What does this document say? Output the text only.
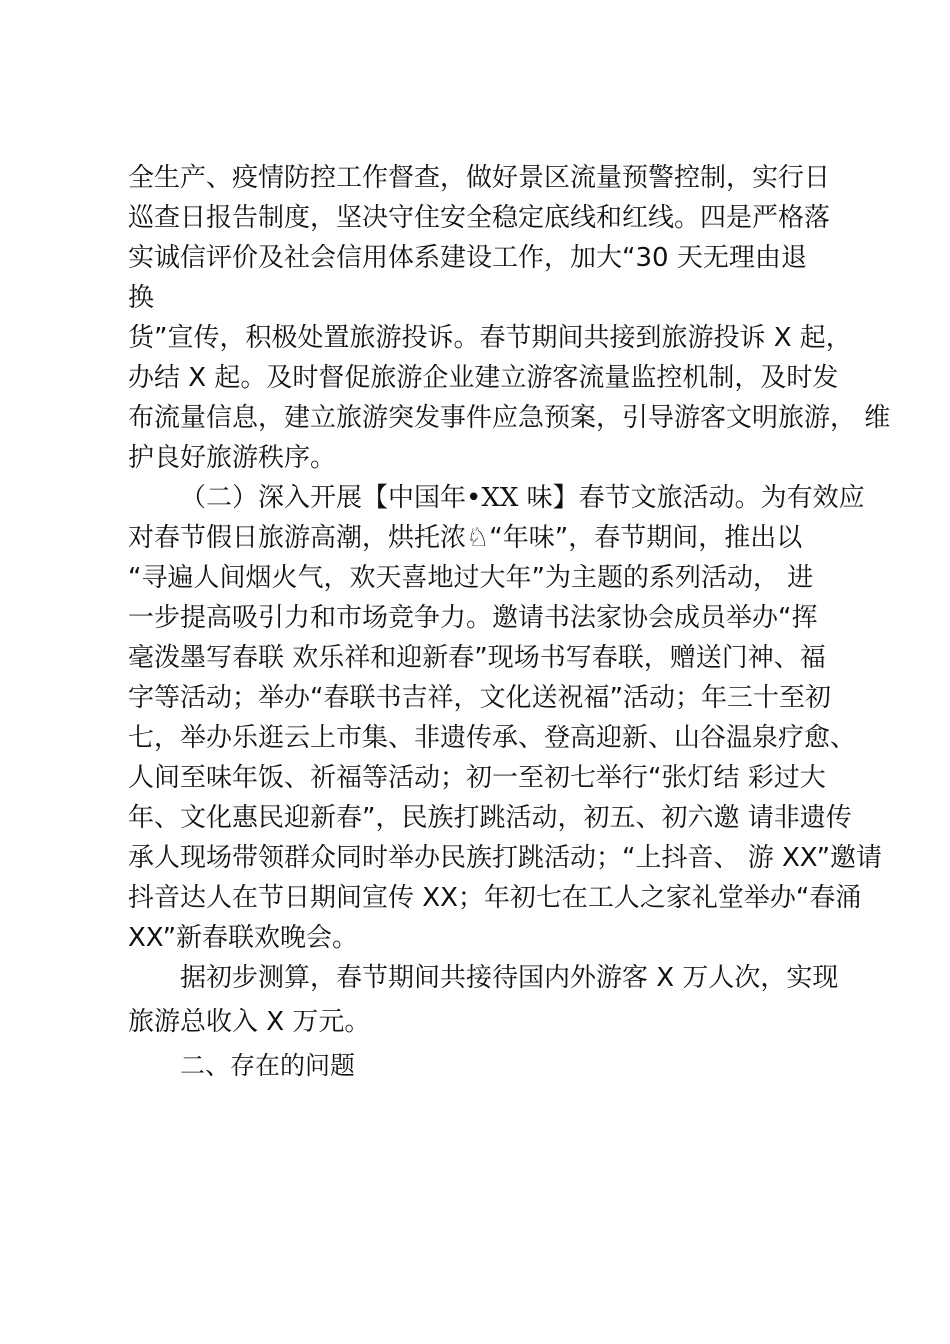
全生产、疫情防控工作督查，做好景区流量预警控制，实行日

巡查日报告制度，坚决守住安全稳定底线和红线。四是严格落

实诚信评价及社会信用体系建设工作，加大“30 天无理由退

换

货”宣传，积极处置旅游投诉。春节期间共接到旅游投诉 X 起，

办结 X 起。及时督促旅游企业建立游客流量监控机制，及时发

布流量信息，建立旅游突发事件应急预案，引导游客文明旅游， 维

护良好旅游秩序。

（二）深入开展【中国年•XX 味】春节文旅活动。为有效应

对春节假日旅游高潮，烘托浓♘“年味”，春节期间，推出以

“寻遍人间烟火气，欢天喜地过大年”为主题的系列活动， 进

一步提高吸引力和市场竞争力。邀请书法家协会成员举办“挥

毫泼墨写春联 欢乐祥和迎新春”现场书写春联，赠送门神、福

字等活动；举办“春联书吉祥，文化送祝福”活动；年三十至初

七，举办乐逛云上市集、非遗传承、登高迎新、山谷温泉疗愈、

人间至味年饭、祈福等活动；初一至初七举行“张灯结 彩过大

年、文化惠民迎新春”，民族打跳活动，初五、初六邀 请非遗传

承人现场带领群众同时举办民族打跳活动；“上抖音、 游 XX”邀请

抖音达人在节日期间宣传 XX；年初七在工人之家礼堂举办“春涌

XX”新春联欢晚会。

据初步测算，春节期间共接待国内外游客 X 万人次，实现

旅游总收入 X 万元。

二、存在的问题
